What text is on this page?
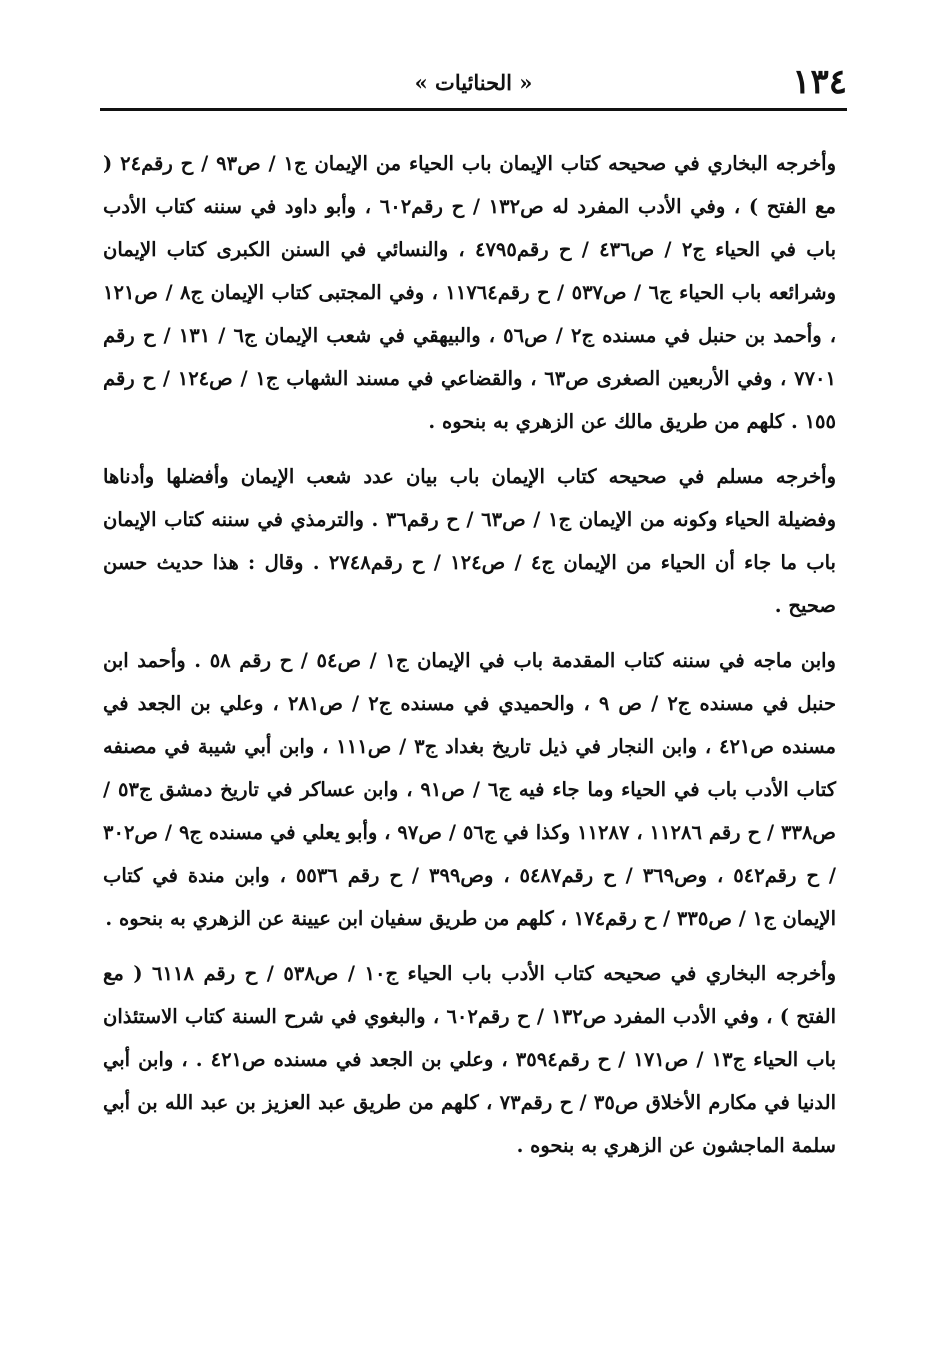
١٣٤
« الحنائيات »

وأخرجه البخاري في صحيحه كتاب الإيمان باب الحياء من الإيمان ج١ / ص٩٣ / ح رقم٢٤ ( مع الفتح ) ، وفي الأدب المفرد له ص١٣٢ / ح رقم٦٠٢ ، وأبو داود في سننه كتاب الأدب باب في الحياء ج٢ / ص٤٣٦ / ح رقم٤٧٩٥ ، والنسائي في السنن الكبرى كتاب الإيمان وشرائعه باب الحياء ج٦ / ص٥٣٧ / ح رقم١١٧٦٤ ، وفي المجتبى كتاب الإيمان ج٨ / ص١٢١ ، وأحمد بن حنبل في مسنده ج٢ / ص٥٦ ، والبيهقي في شعب الإيمان ج٦ / ١٣١ / ح رقم ٧٧٠١ ، وفي الأربعين الصغرى ص٦٣ ، والقضاعي في مسند الشهاب ج١ / ص١٢٤ / ح رقم ١٥٥ . كلهم من طريق مالك عن الزهري به بنحوه .

وأخرجه مسلم في صحيحه كتاب الإيمان باب بيان عدد شعب الإيمان وأفضلها وأدناها وفضيلة الحياء وكونه من الإيمان ج١ / ص٦٣ / ح رقم٣٦ . والترمذي في سننه كتاب الإيمان باب ما جاء أن الحياء من الإيمان ج٤ / ص١٢٤ / ح رقم٢٧٤٨ . وقال : هذا حديث حسن صحيح .

وابن ماجه في سننه كتاب المقدمة باب في الإيمان ج١ / ص٥٤ / ح رقم ٥٨ . وأحمد ابن حنبل في مسنده ج٢ / ص ٩ ، والحميدي في مسنده ج٢ / ص٢٨١ ، وعلي بن الجعد في مسنده ص٤٢١ ، وابن النجار في ذيل تاريخ بغداد ج٣ / ص١١١ ، وابن أبي شيبة في مصنفه كتاب الأدب باب في الحياء وما جاء فيه ج٦ / ص٩١ ، وابن عساكر في تاريخ دمشق ج٥٣ / ص٣٣٨ / ح رقم ١١٢٨٦ ، ١١٢٨٧ وكذا في ج٥٦ / ص٩٧ ، وأبو يعلي في مسنده ج٩ / ص٣٠٢ / ح رقم٥٤٢ ، وص٣٦٩ / ح رقم٥٤٨٧ ، وص٣٩٩ / ح رقم ٥٥٣٦ ، وابن مندة في كتاب الإيمان ج١ / ص٣٣٥ / ح رقم١٧٤ ، كلهم من طريق سفيان ابن عيينة عن الزهري به بنحوه .

وأخرجه البخاري في صحيحه كتاب الأدب باب الحياء ج١٠ / ص٥٣٨ / ح رقم ٦١١٨ ( مع الفتح ) ، وفي الأدب المفرد ص١٣٢ / ح رقم٦٠٢ ، والبغوي في شرح السنة كتاب الاستئذان باب الحياء ج١٣ / ص١٧١ / ح رقم٣٥٩٤ ، وعلي بن الجعد في مسنده ص٤٢١ . ، وابن أبي الدنيا في مكارم الأخلاق ص٣٥ / ح رقم٧٣ ، كلهم من طريق عبد العزيز بن عبد الله بن أبي سلمة الماجشون عن الزهري به بنحوه .
